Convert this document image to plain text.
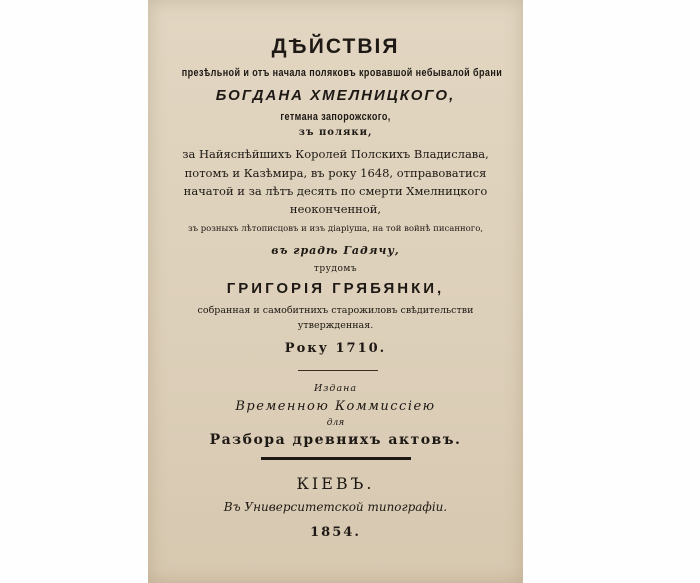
ДѢЙСТВІЯ
презѣльной и отъ начала поляковъ кровавшой небывалой брани
БОГДАНА ХМЕЛНИЦКОГО,
гетмана запорожского,
зъ поляки,
за Найяснѣйшихъ Королей Полскихъ Владислава,
потомъ и Казѣмира, въ року 1648, отправоватися
начатой и за лѣтъ десять по смерти Хмелницкого
неоконченной,
зъ розныхъ лѣтописцовъ и изъ діаріуша, на той войнѣ писанного,
въ градѣ Гадячу,
трудомъ
ГРИГОРІЯ ГРЯБЯНКИ,
собранная и самобитнихъ старожиловъ свѣдительстви
утвержденная.
Року 1710.
Издана
Временною Коммиссіею
для
Разбора древнихъ актовъ.
КІЕВЪ.
Въ Университетской типографіи.
1854.
